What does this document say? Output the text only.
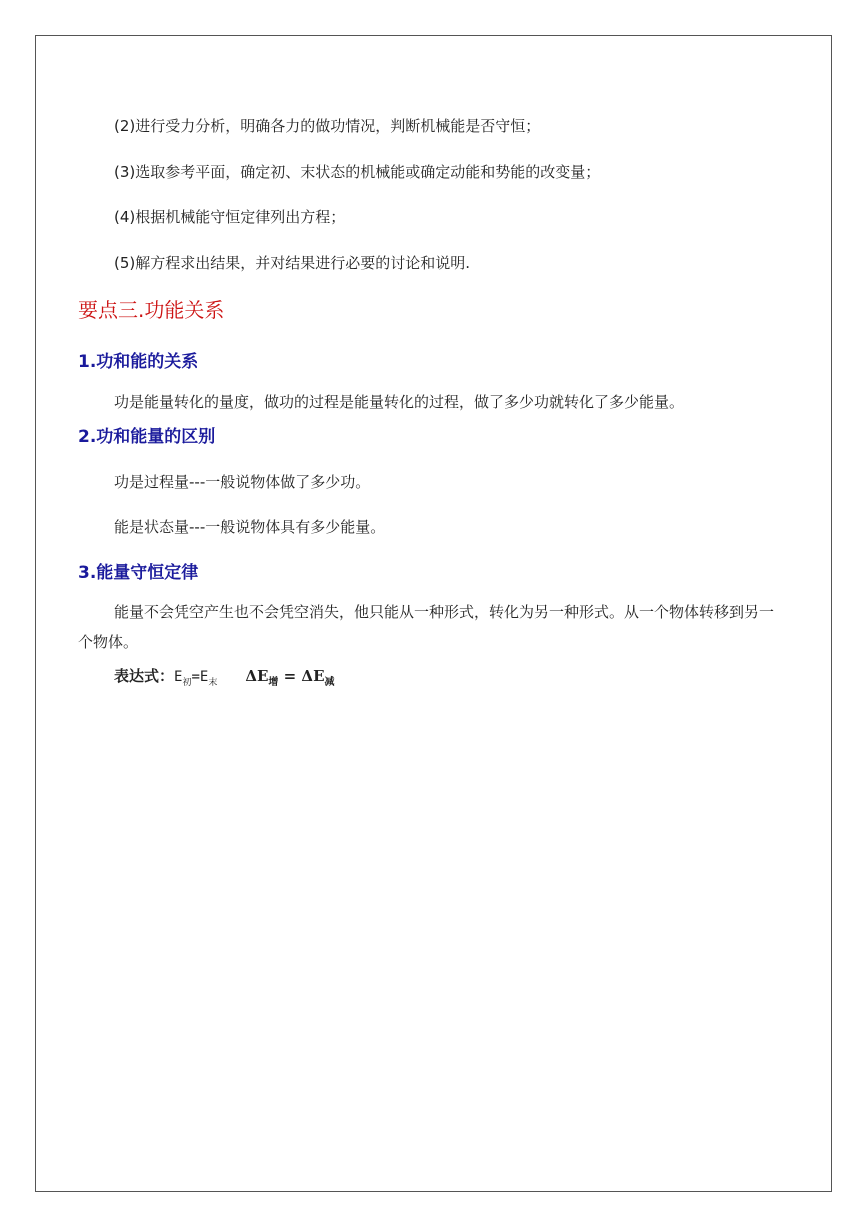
(2)进行受力分析，明确各力的做功情况，判断机械能是否守恒；
(3)选取参考平面，确定初、末状态的机械能或确定动能和势能的改变量；
(4)根据机械能守恒定律列出方程；
(5)解方程求出结果，并对结果进行必要的讨论和说明.
要点三.功能关系
1.功和能的关系
功是能量转化的量度，做功的过程是能量转化的过程，做了多少功就转化了多少能量。
2.功和能量的区别
功是过程量---一般说物体做了多少功。
能是状态量---一般说物体具有多少能量。
3.能量守恒定律
能量不会凭空产生也不会凭空消失，他只能从一种形式，转化为另一种形式。从一个物体转移到另一个物体。
表达式：$E_初=E_末$ $\Delta E_增 = \Delta E_减$
